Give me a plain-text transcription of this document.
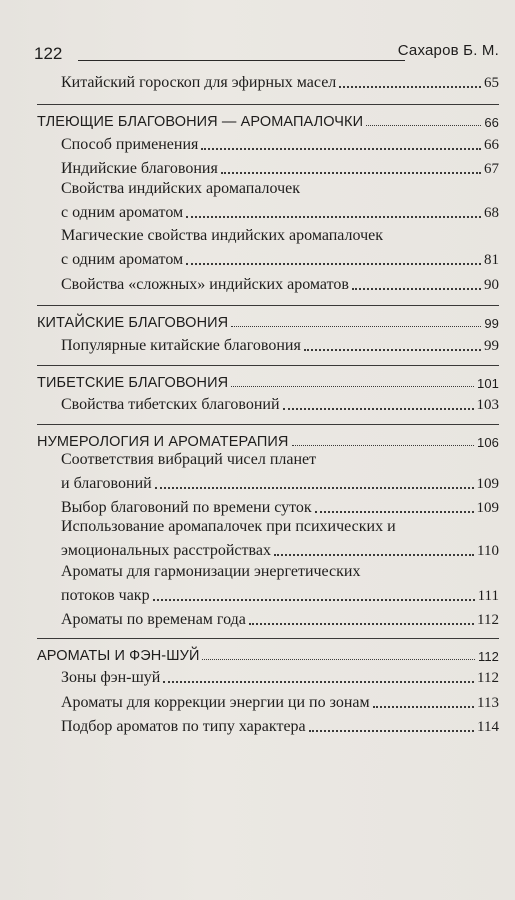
122	Сахаров Б. М.
Китайский гороскоп для эфирных масел	65
ТЛЕЮЩИЕ БЛАГОВОНИЯ — АРОМАПАЛОЧКИ	66
Способ применения	66
Индийские благовония	67
Свойства индийских аромапалочек
с одним ароматом	68
Магические свойства индийских аромапалочек
с одним ароматом	81
Свойства «сложных» индийских ароматов	90
КИТАЙСКИЕ БЛАГОВОНИЯ	99
Популярные китайские благовония	99
ТИБЕТСКИЕ БЛАГОВОНИЯ	101
Свойства тибетских благовоний	103
НУМЕРОЛОГИЯ И АРОМАТЕРАПИЯ	106
Соответствия вибраций чисел планет
и благовоний	109
Выбор благовоний по времени суток	109
Использование аромапалочек при психических и
эмоциональных расстройствах	110
Ароматы для гармонизации энергетических
потоков чакр	111
Ароматы по временам года	112
АРОМАТЫ И ФЭН-ШУЙ	112
Зоны фэн-шуй	112
Ароматы для коррекции энергии ци по зонам	113
Подбор ароматов по типу характера	114
